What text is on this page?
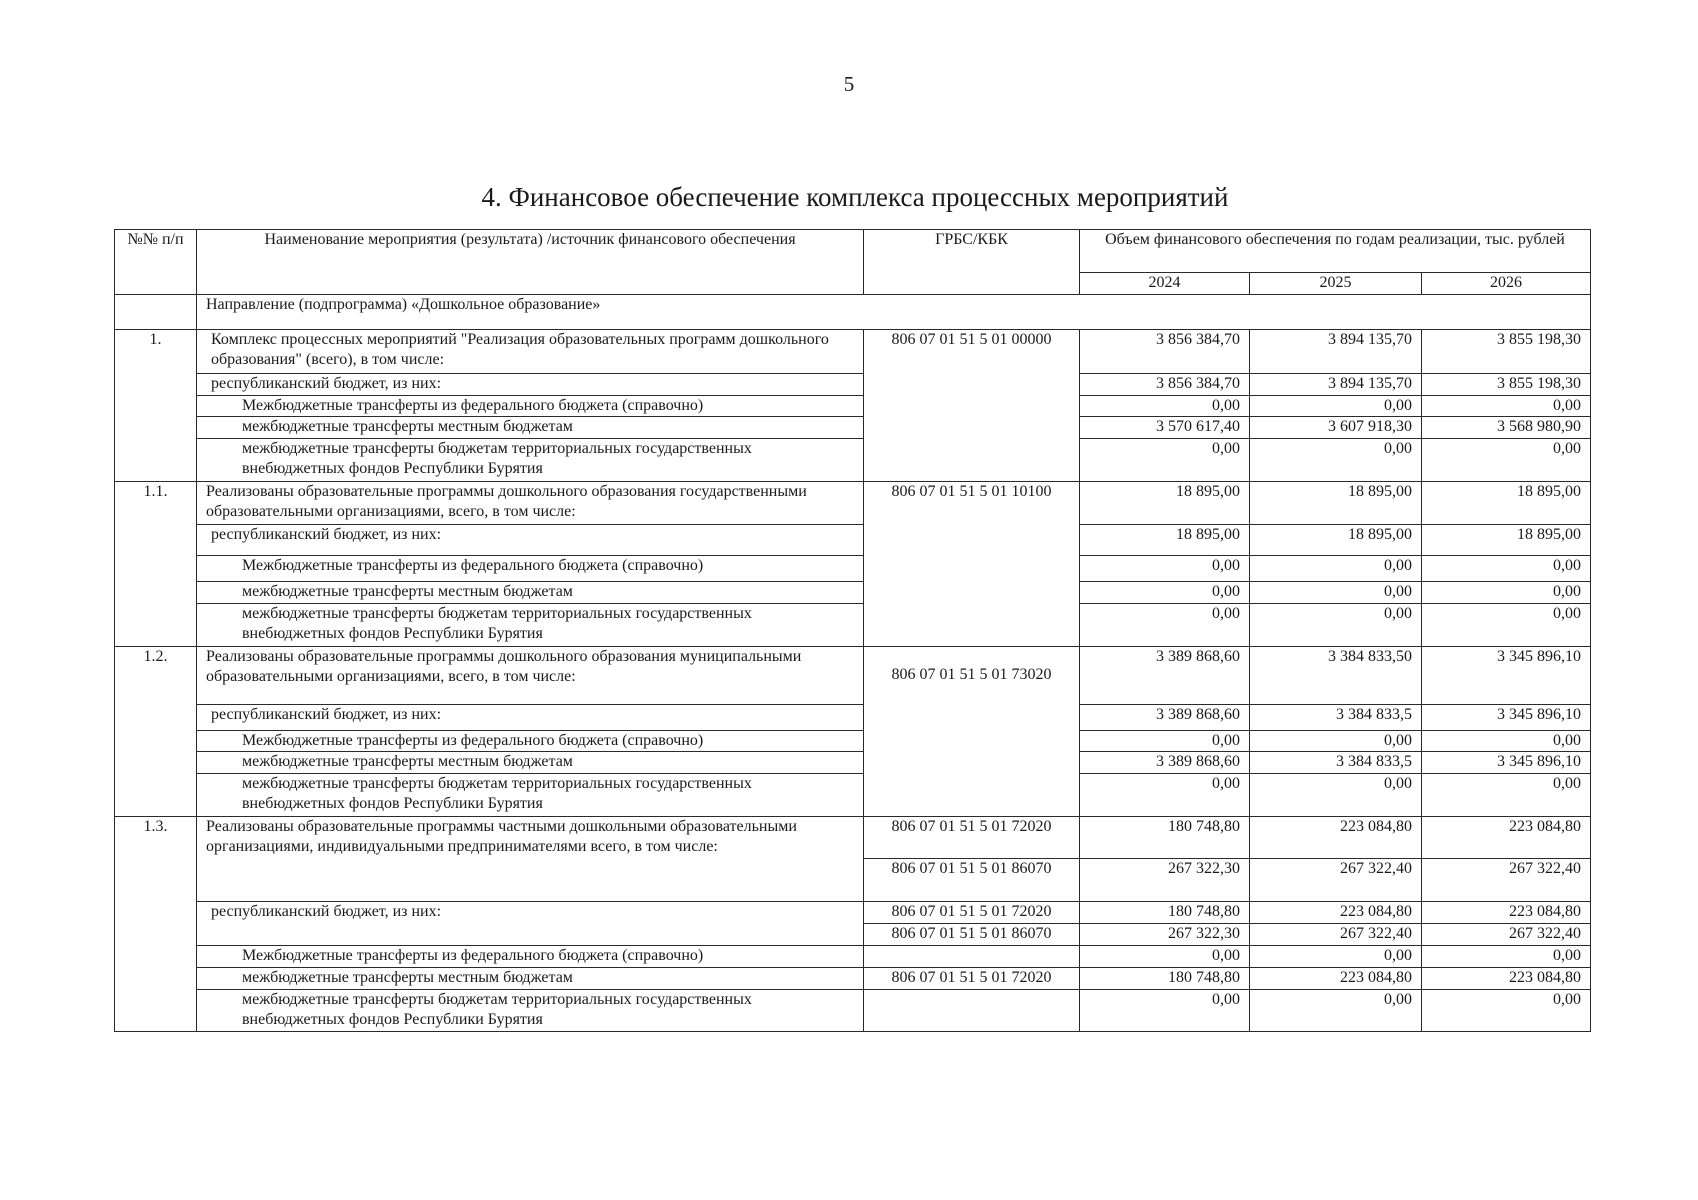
5
4. Финансовое обеспечение комплекса процессных мероприятий
№№ п/п	Наименование мероприятия (результата) /источник финансового обеспечения	ГРБС/КБК	Объем финансового обеспечения по годам реализации, тыс. рублей		
			2024	2025	2026
	Направление (подпрограмма) «Дошкольное образование»				
1.	Комплекс процессных мероприятий "Реализация образовательных программ дошкольного образования" (всего), в том числе:	806 07 01 51 5 01 00000	3 856 384,70	3 894 135,70	3 855 198,30
	республиканский бюджет, из них:		3 856 384,70	3 894 135,70	3 855 198,30
	Межбюджетные трансферты из федерального бюджета (справочно)		0,00	0,00	0,00
	межбюджетные трансферты местным бюджетам		3 570 617,40	3 607 918,30	3 568 980,90
	межбюджетные трансферты бюджетам территориальных государственных внебюджетных фондов Республики Бурятия		0,00	0,00	0,00
1.1.	Реализованы образовательные программы дошкольного образования государственными образовательными организациями, всего, в том числе:	806 07 01 51 5 01 10100	18 895,00	18 895,00	18 895,00
	республиканский бюджет, из них:		18 895,00	18 895,00	18 895,00
	Межбюджетные трансферты из федерального бюджета (справочно)		0,00	0,00	0,00
	межбюджетные трансферты местным бюджетам		0,00	0,00	0,00
	межбюджетные трансферты бюджетам территориальных государственных внебюджетных фондов Республики Бурятия		0,00	0,00	0,00
1.2.	Реализованы образовательные программы дошкольного образования муниципальными образовательными организациями, всего, в том числе:	806 07 01 51 5 01 73020	3 389 868,60	3 384 833,50	3 345 896,10
	республиканский бюджет, из них:		3 389 868,60	3 384 833,5	3 345 896,10
	Межбюджетные трансферты из федерального бюджета (справочно)		0,00	0,00	0,00
	межбюджетные трансферты местным бюджетам		3 389 868,60	3 384 833,5	3 345 896,10
	межбюджетные трансферты бюджетам территориальных государственных внебюджетных фондов Республики Бурятия		0,00	0,00	0,00
1.3.	Реализованы образовательные программы частными дошкольными образовательными организациями, индивидуальными предпринимателями всего, в том числе:	806 07 01 51 5 01 72020	180 748,80	223 084,80	223 084,80
		806 07 01 51 5 01 86070	267 322,30	267 322,40	267 322,40
	республиканский бюджет, из них:	806 07 01 51 5 01 72020	180 748,80	223 084,80	223 084,80
		806 07 01 51 5 01 86070	267 322,30	267 322,40	267 322,40
	Межбюджетные трансферты из федерального бюджета (справочно)		0,00	0,00	0,00
	межбюджетные трансферты местным бюджетам	806 07 01 51 5 01 72020	180 748,80	223 084,80	223 084,80
	межбюджетные трансферты бюджетам территориальных государственных внебюджетных фондов Республики Бурятия		0,00	0,00	0,00
